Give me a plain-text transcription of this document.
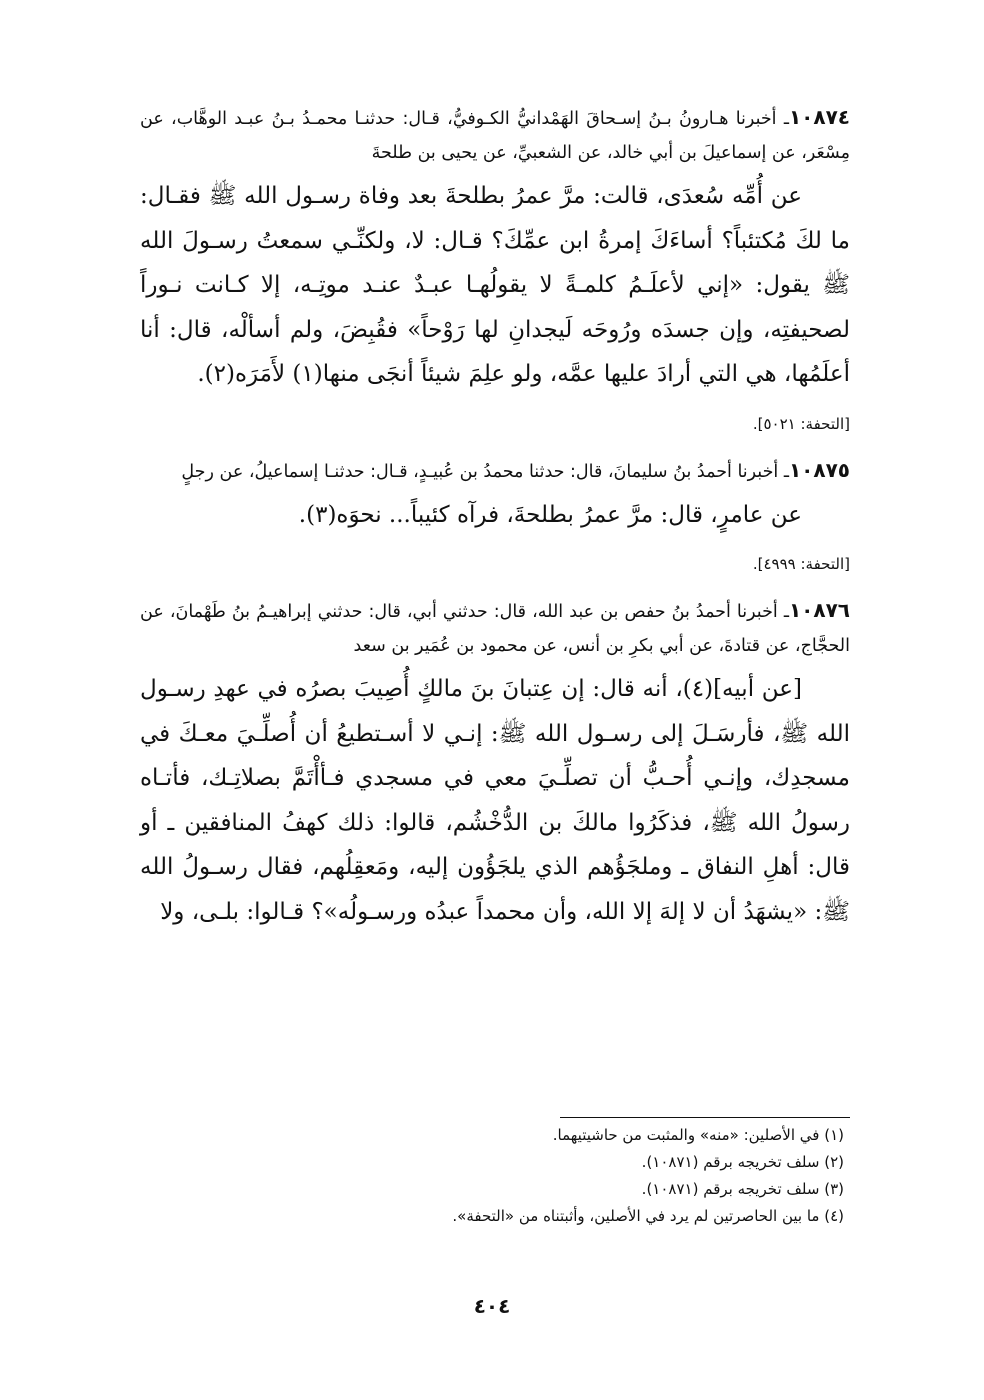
١٠٨٧٤ـ أخبرنا هـارونُ بـنُ إسـحاقَ الهَمْدانيُّ الكـوفيُّ، قـال: حدثنـا محمـدُ بـنُ عبـد الوهَّاب، عن مِسْعَر، عن إسماعيلَ بن أبي خالد، عن الشعبيِّ، عن يحيى بن طلحةَ

عن أُمِّه سُعدَى، قالت: مرَّ عمرُ بطلحةَ بعد وفاة رسـول الله ﷺ فقـال: ما لكَ مُكتئباً؟ أساءَكَ إمرةُ ابن عمِّكَ؟ قـال: لا، ولكنِّـي سمعتُ رسـولَ الله ﷺ يقول: «إني لأعلَـمُ كلمـةً لا يقولُهـا عبـدٌ عنـد موتِـه، إلا كـانت نـوراً لصحيفتِه، وإن جسدَه ورُوحَه لَيجدانِ لها رَوْحاً» فقُبِضَ، ولم أسألْه، قال: أنا أعلَمُها، هي التي أرادَ عليها عمَّه، ولو علِمَ شيئاً أنجَى منها(١) لأَمَرَه(٢).

[التحفة: ٥٠٢١].

١٠٨٧٥ـ أخبرنا أحمدُ بنُ سليمانَ، قال: حدثنا محمدُ بن عُبيـدٍ، قـال: حدثنـا إسماعيلُ، عن رجلٍ

عن عامرٍ، قال: مرَّ عمرُ بطلحةَ، فرآه كئيباً... نحوَه(٣).

[التحفة: ٤٩٩٩].

١٠٨٧٦ـ أخبرنا أحمدُ بنُ حفص بن عبد الله، قال: حدثني أبي، قال: حدثني إبراهيـمُ بنُ طَهْمانَ، عن الحجَّاج، عن قتادةَ، عن أبي بكرِ بن أنس، عن محمود بن عُمَير بن سعد

[عن أبيه](٤)، أنه قال: إن عِتبانَ بنَ مالكٍ أُصِيبَ بصرُه في عهدِ رسـول الله ﷺ، فأرسَـلَ إلى رسـول الله ﷺ: إنـي لا أسـتطيعُ أن أُصلِّـيَ معـكَ في مسجدِك، وإنـي أُحـبُّ أن تصلِّـيَ معي في مسجدي فـأأْتَمَّ بصلاتِـك، فأتـاه رسولُ الله ﷺ، فذكَرُوا مالكَ بن الدُّخْشُم، قالوا: ذلك كهفُ المنافقين ـ أو قال: أهلِ النفاق ـ وملجَؤُهم الذي يلجَؤُون إليه، ومَعقِلُهم، فقال رسـولُ الله ﷺ: «يشهَدُ أن لا إلهَ إلا الله، وأن محمداً عبدُه ورسـولُه»؟ قـالوا: بلـى، ولا

(١) في الأصلين: «منه» والمثبت من حاشيتيهما.
(٢) سلف تخريجه برقم (١٠٨٧١).
(٣) سلف تخريجه برقم (١٠٨٧١).
(٤) ما بين الحاصرتين لم يرد في الأصلين، وأثبتناه من «التحفة».
٤٠٤
